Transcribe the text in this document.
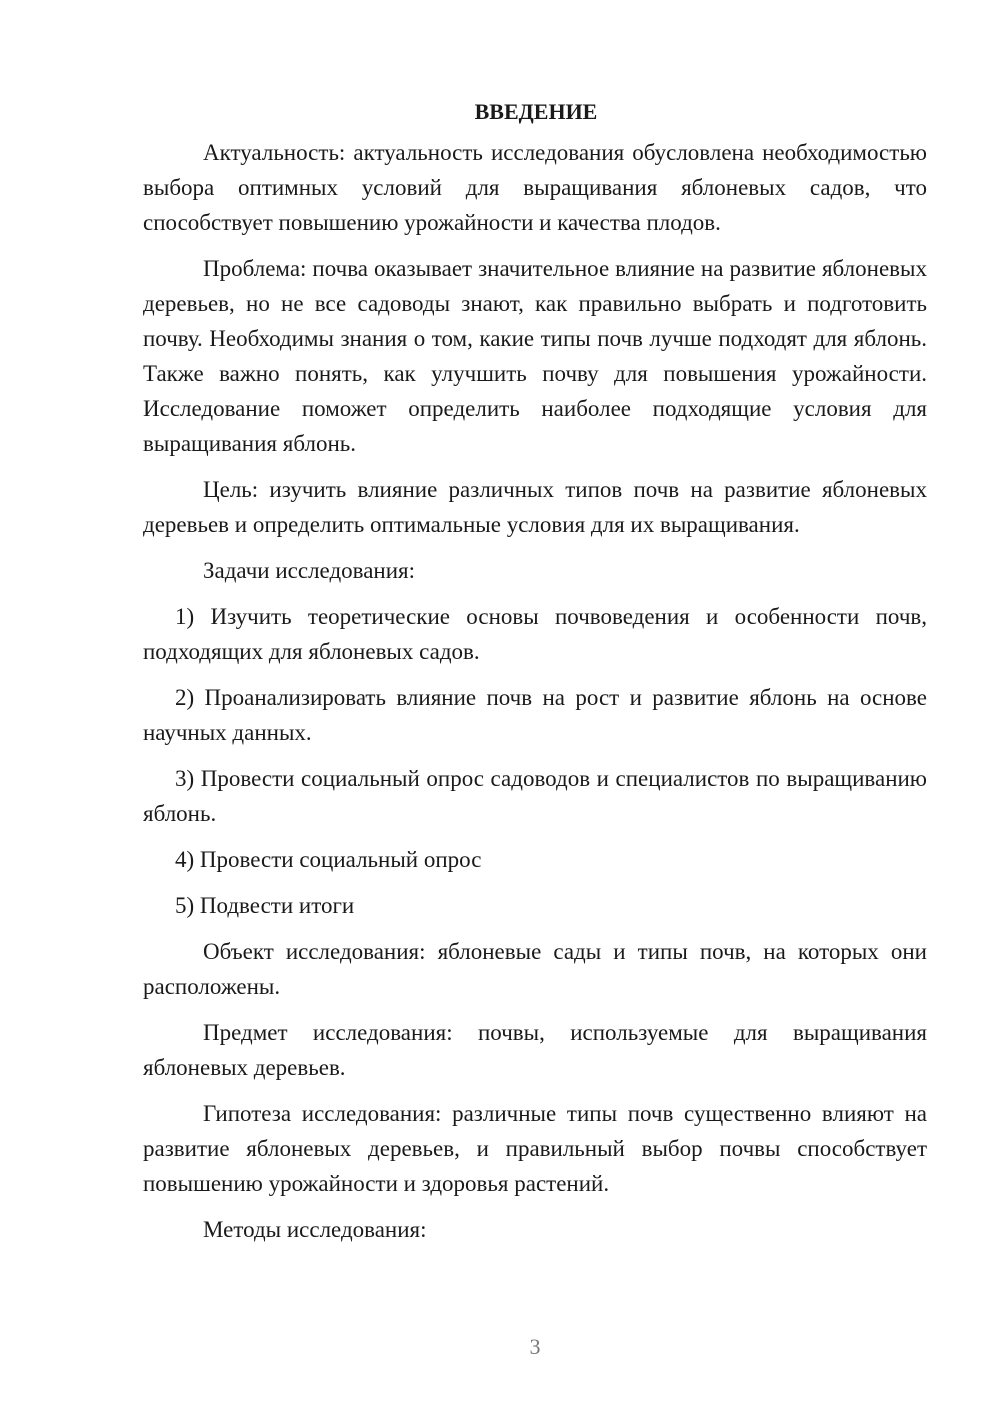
ВВЕДЕНИЕ

Актуальность: актуальность исследования обусловлена необходимостью выбора оптимных условий для выращивания яблоневых садов, что способствует повышению урожайности и качества плодов.

Проблема: почва оказывает значительное влияние на развитие яблоневых деревьев, но не все садоводы знают, как правильно выбрать и подготовить почву. Необходимы знания о том, какие типы почв лучше подходят для яблонь. Также важно понять, как улучшить почву для повышения урожайности. Исследование поможет определить наиболее подходящие условия для выращивания яблонь.

Цель: изучить влияние различных типов почв на развитие яблоневых деревьев и определить оптимальные условия для их выращивания.

Задачи исследования:

1) Изучить теоретические основы почвоведения и особенности почв, подходящих для яблоневых садов.

2) Проанализировать влияние почв на рост и развитие яблонь на основе научных данных.

3) Провести социальный опрос садоводов и специалистов по выращиванию яблонь.

4) Провести социальный опрос

5) Подвести итоги

Объект исследования: яблоневые сады и типы почв, на которых они расположены.

Предмет исследования: почвы, используемые для выращивания яблоневых деревьев.

Гипотеза исследования: различные типы почв существенно влияют на развитие яблоневых деревьев, и правильный выбор почвы способствует повышению урожайности и здоровья растений.

Методы исследования:

3
